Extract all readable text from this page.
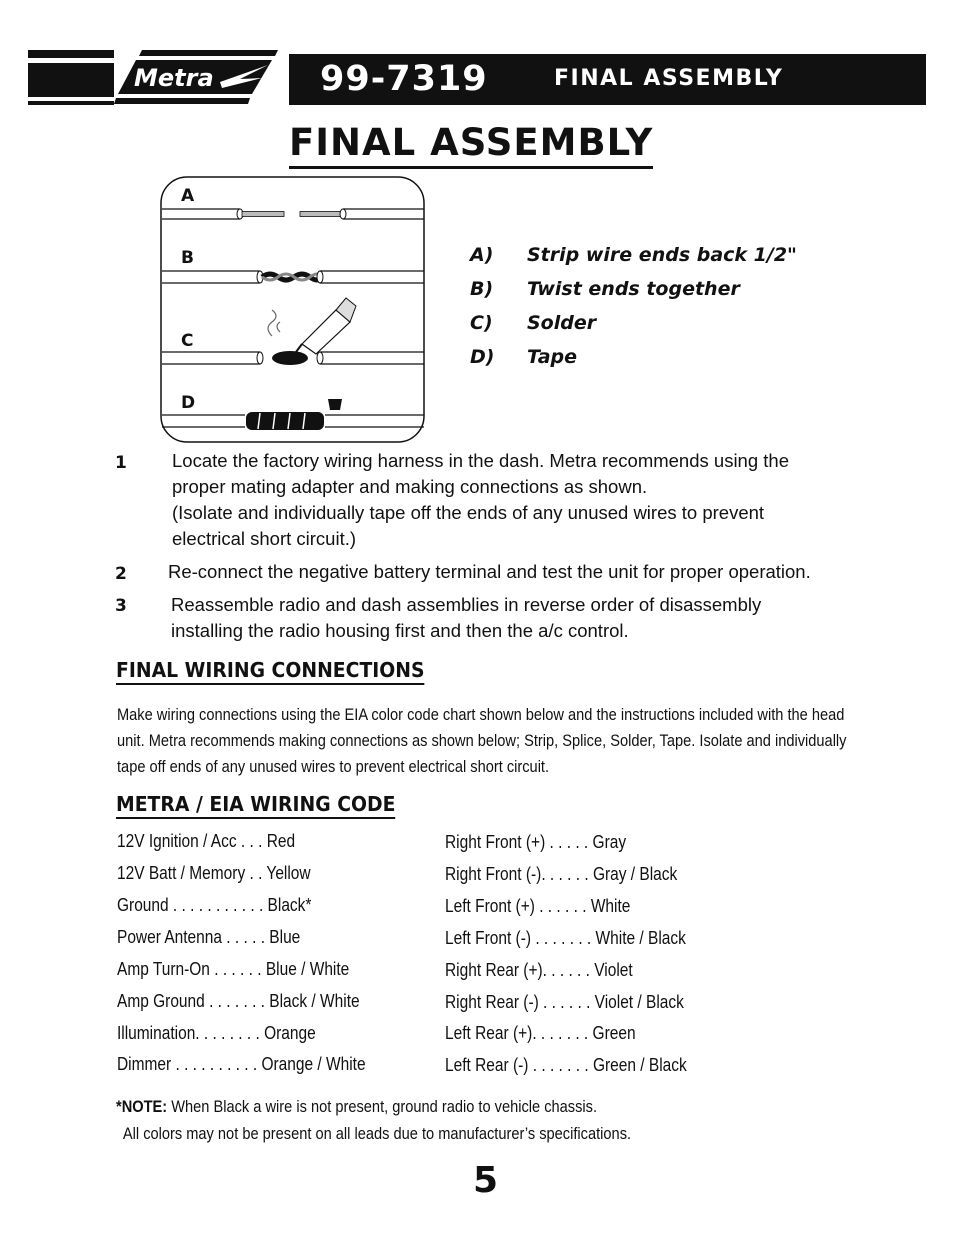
Metra	99-7319	FINAL ASSEMBLY
FINAL ASSEMBLY
A
B
C
D
A) Strip wire ends back 1/2"
B) Twist ends together
C) Solder
D) Tape
1 Locate the factory wiring harness in the dash. Metra recommends using the
proper mating adapter and making connections as shown.
(Isolate and individually tape off the ends of any unused wires to prevent
electrical short circuit.)
2 Re-connect the negative battery terminal and test the unit for proper operation.
3 Reassemble radio and dash assemblies in reverse order of disassembly
installing the radio housing first and then the a/c control.
FINAL WIRING CONNECTIONS
Make wiring connections using the EIA color code chart shown below and the instructions included with the head
unit. Metra recommends making connections as shown below; Strip, Splice, Solder, Tape. Isolate and individually
tape off ends of any unused wires to prevent electrical short circuit.
METRA / EIA WIRING CODE
12V Ignition / Acc . . . Red
12V Batt / Memory . . Yellow
Ground . . . . . . . . . . . Black*
Power Antenna . . . . . Blue
Amp Turn-On . . . . . . Blue / White
Amp Ground . . . . . . . Black / White
Illumination. . . . . . . . Orange
Dimmer . . . . . . . . . . Orange / White
Right Front (+) . . . . . Gray
Right Front (-). . . . . . Gray / Black
Left Front (+) . . . . . . White
Left Front (-) . . . . . . . White / Black
Right Rear (+). . . . . . Violet
Right Rear (-) . . . . . . Violet / Black
Left Rear (+). . . . . . . Green
Left Rear (-) . . . . . . . Green / Black
*NOTE: When Black a wire is not present, ground radio to vehicle chassis.
All colors may not be present on all leads due to manufacturer’s specifications.
5
